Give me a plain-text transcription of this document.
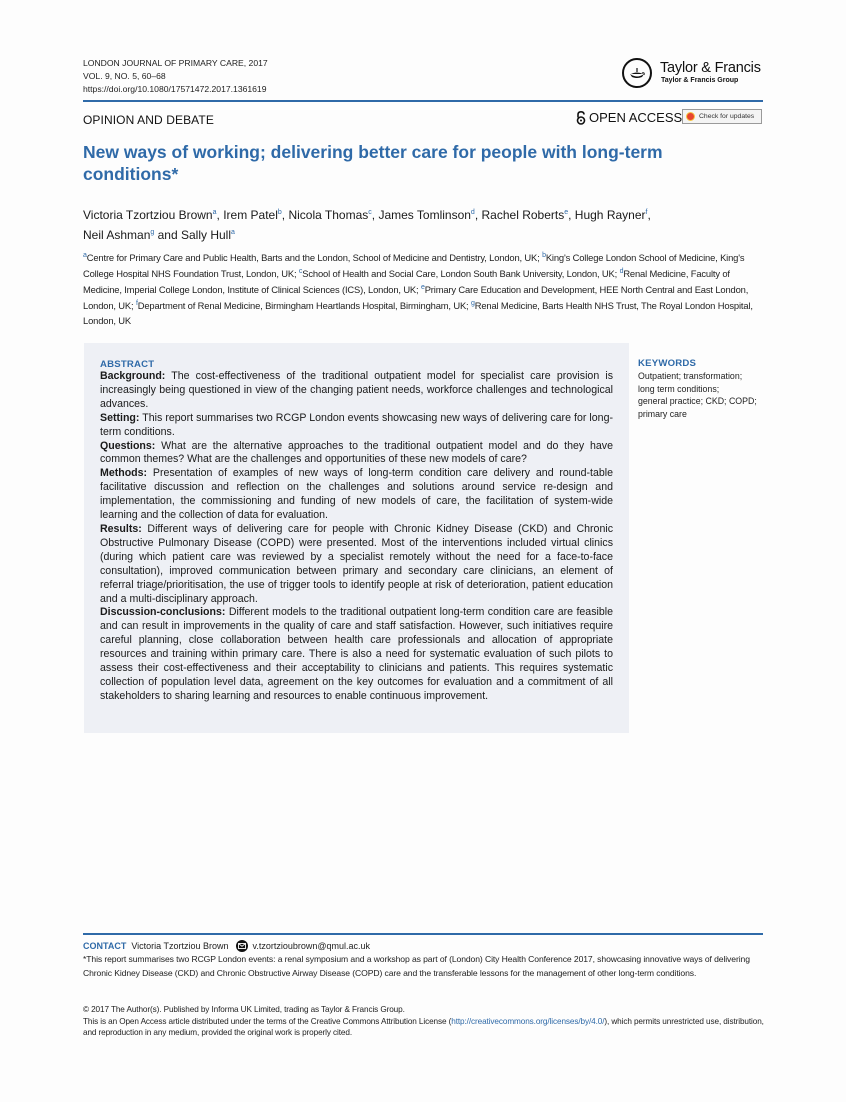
LONDON JOURNAL OF PRIMARY CARE, 2017
VOL. 9, NO. 5, 60–68
https://doi.org/10.1080/17571472.2017.1361619
Taylor & Francis
Taylor & Francis Group
OPINION AND DEBATE	OPEN ACCESS Check for updates
New ways of working; delivering better care for people with long-term conditions*
Victoria Tzortziou Brown$^a$, Irem Patel$^b$, Nicola Thomas$^c$, James Tomlinson$^d$, Rachel Roberts$^e$, Hugh Rayner$^f$,
Neil Ashman$^g$ and Sally Hull$^a$
$^a$Centre for Primary Care and Public Health, Barts and the London, School of Medicine and Dentistry, London, UK; $^b$King's College London School of Medicine, King's College Hospital NHS Foundation Trust, London, UK; $^c$School of Health and Social Care, London South Bank University, London, UK; $^d$Renal Medicine, Faculty of Medicine, Imperial College London, Institute of Clinical Sciences (ICS), London, UK; $^e$Primary Care Education and Development, HEE North Central and East London, London, UK; $^f$Department of Renal Medicine, Birmingham Heartlands Hospital, Birmingham, UK; $^g$Renal Medicine, Barts Health NHS Trust, The Royal London Hospital, London, UK
ABSTRACT
Background: The cost-effectiveness of the traditional outpatient model for specialist care provision is increasingly being questioned in view of the changing patient needs, workforce challenges and technological advances.
Setting: This report summarises two RCGP London events showcasing new ways of delivering care for long-term conditions.
Questions: What are the alternative approaches to the traditional outpatient model and do they have common themes? What are the challenges and opportunities of these new models of care?
Methods: Presentation of examples of new ways of long-term condition care delivery and round-table facilitative discussion and reflection on the challenges and solutions around service re-design and implementation, the commissioning and funding of new models of care, the facilitation of system-wide learning and the collection of data for evaluation.
Results: Different ways of delivering care for people with Chronic Kidney Disease (CKD) and Chronic Obstructive Pulmonary Disease (COPD) were presented. Most of the interventions included virtual clinics (during which patient care was reviewed by a specialist remotely without the need for a face-to-face consultation), improved communication between primary and secondary care clinicians, an element of referral triage/prioritisation, the use of trigger tools to identify people at risk of deterioration, patient education and a multi-disciplinary approach.
Discussion-conclusions: Different models to the traditional outpatient long-term condition care are feasible and can result in improvements in the quality of care and staff satisfaction. However, such initiatives require careful planning, close collaboration between health care professionals and allocation of appropriate resources and training within primary care. There is also a need for systematic evaluation of such pilots to assess their cost-effectiveness and their acceptability to clinicians and patients. This requires systematic collection of population level data, agreement on the key outcomes for evaluation and a commitment of all stakeholders to sharing learning and resources to enable continuous improvement.
KEYWORDS
Outpatient; transformation;
long term conditions;
general practice; CKD; COPD;
primary care
CONTACT Victoria Tzortziou Brown	v.tzortzioubrown@qmul.ac.uk
*This report summarises two RCGP London events: a renal symposium and a workshop as part of (London) City Health Conference 2017, showcasing innovative ways of delivering Chronic Kidney Disease (CKD) and Chronic Obstructive Airway Disease (COPD) care and the transferable lessons for the management of other long-term conditions.
© 2017 The Author(s). Published by Informa UK Limited, trading as Taylor & Francis Group.
This is an Open Access article distributed under the terms of the Creative Commons Attribution License (http://creativecommons.org/licenses/by/4.0/), which permits unrestricted use, distribution, and reproduction in any medium, provided the original work is properly cited.
